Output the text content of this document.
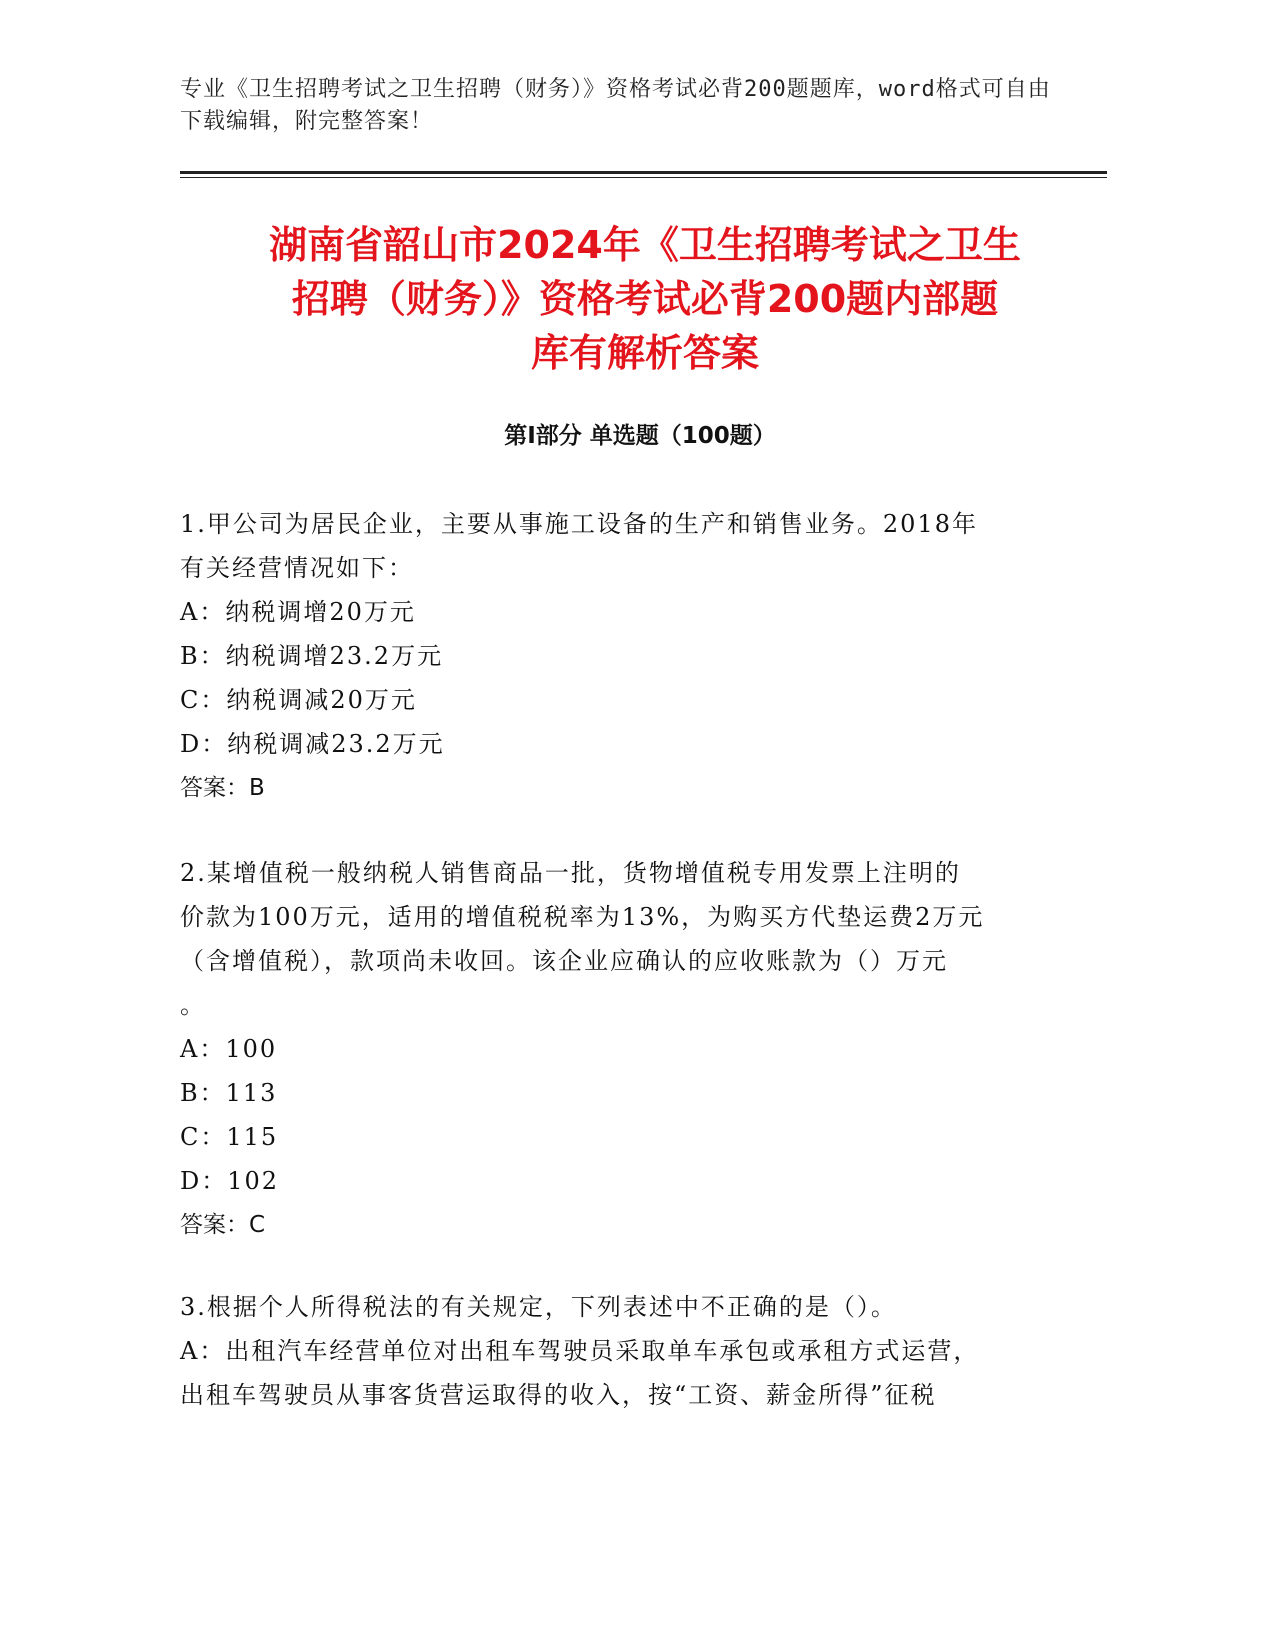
专业《卫生招聘考试之卫生招聘（财务）》资格考试必背200题题库，word格式可自由下载编辑，附完整答案！
湖南省韶山市2024年《卫生招聘考试之卫生
招聘（财务）》资格考试必背200题内部题
库有解析答案
第Ⅰ部分 单选题（100题）

1.甲公司为居民企业，主要从事施工设备的生产和销售业务。2018年

有关经营情况如下：

A：纳税调增20万元

B：纳税调增23.2万元

C：纳税调减20万元

D：纳税调减23.2万元

答案：B

2.某增值税一般纳税人销售商品一批，货物增值税专用发票上注明的

价款为100万元，适用的增值税税率为13%，为购买方代垫运费2万元

（含增值税），款项尚未收回。该企业应确认的应收账款为（）万元

。

A：100

B：113

C：115

D：102

答案：C

3.根据个人所得税法的有关规定，下列表述中不正确的是（）。

A：出租汽车经营单位对出租车驾驶员采取单车承包或承租方式运营，

出租车驾驶员从事客货营运取得的收入，按“工资、薪金所得”征税
